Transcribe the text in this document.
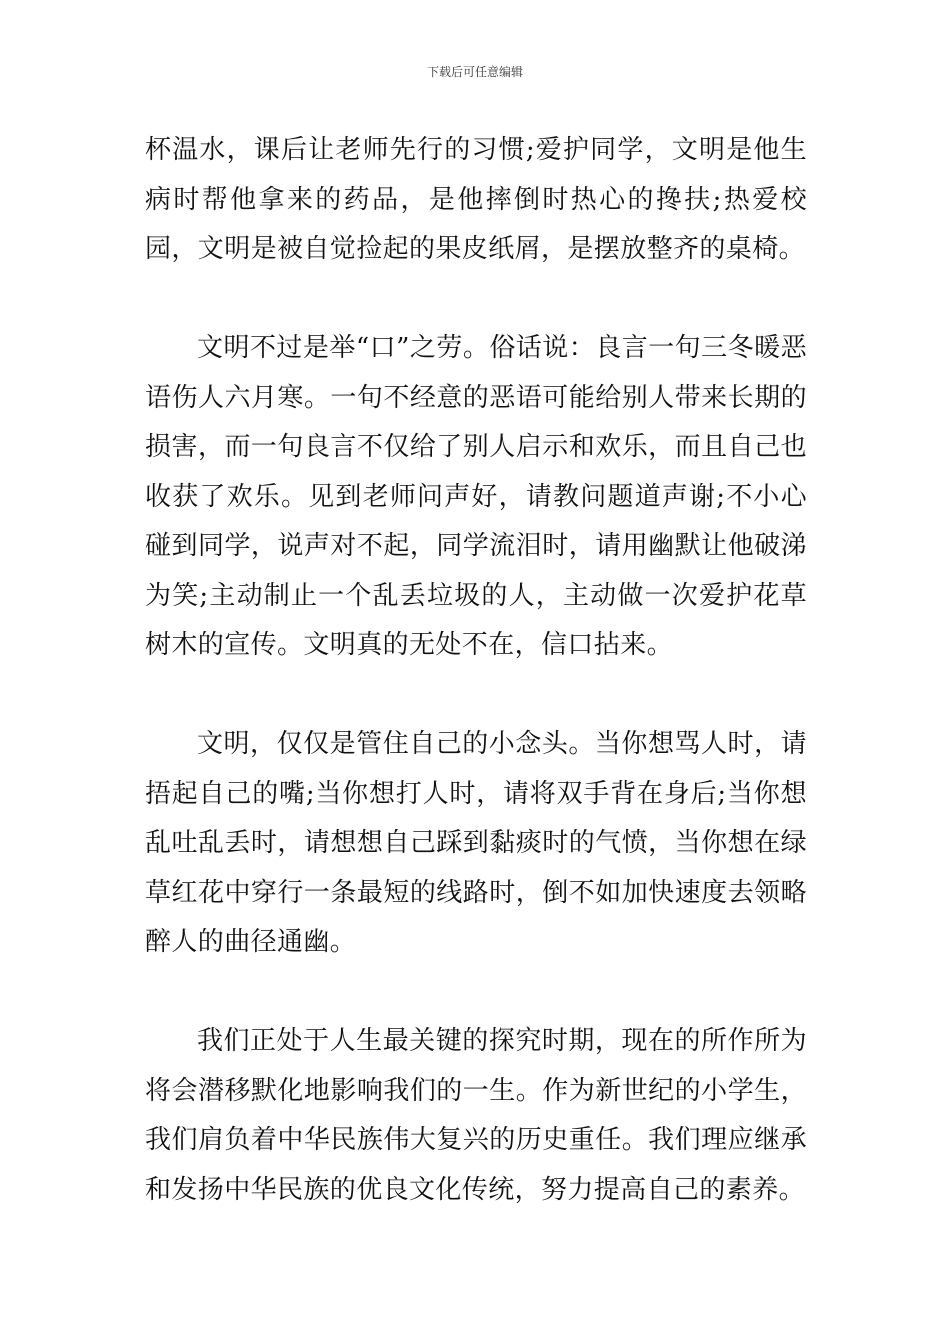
下载后可任意编辑

杯温水，课后让老师先行的习惯;爱护同学，文明是他生病时帮他拿来的药品，是他摔倒时热心的搀扶;热爱校园，文明是被自觉捡起的果皮纸屑，是摆放整齐的桌椅。

文明不过是举“口”之劳。俗话说：良言一句三冬暖恶语伤人六月寒。一句不经意的恶语可能给别人带来长期的损害，而一句良言不仅给了别人启示和欢乐，而且自己也收获了欢乐。见到老师问声好，请教问题道声谢;不小心碰到同学，说声对不起，同学流泪时，请用幽默让他破涕为笑;主动制止一个乱丢垃圾的人，主动做一次爱护花草树木的宣传。文明真的无处不在，信口拈来。

文明，仅仅是管住自己的小念头。当你想骂人时，请捂起自己的嘴;当你想打人时，请将双手背在身后;当你想乱吐乱丢时，请想想自己踩到黏痰时的气愤，当你想在绿草红花中穿行一条最短的线路时，倒不如加快速度去领略醉人的曲径通幽。

我们正处于人生最关键的探究时期，现在的所作所为将会潜移默化地影响我们的一生。作为新世纪的小学生，我们肩负着中华民族伟大复兴的历史重任。我们理应继承和发扬中华民族的优良文化传统，努力提高自己的素养。
